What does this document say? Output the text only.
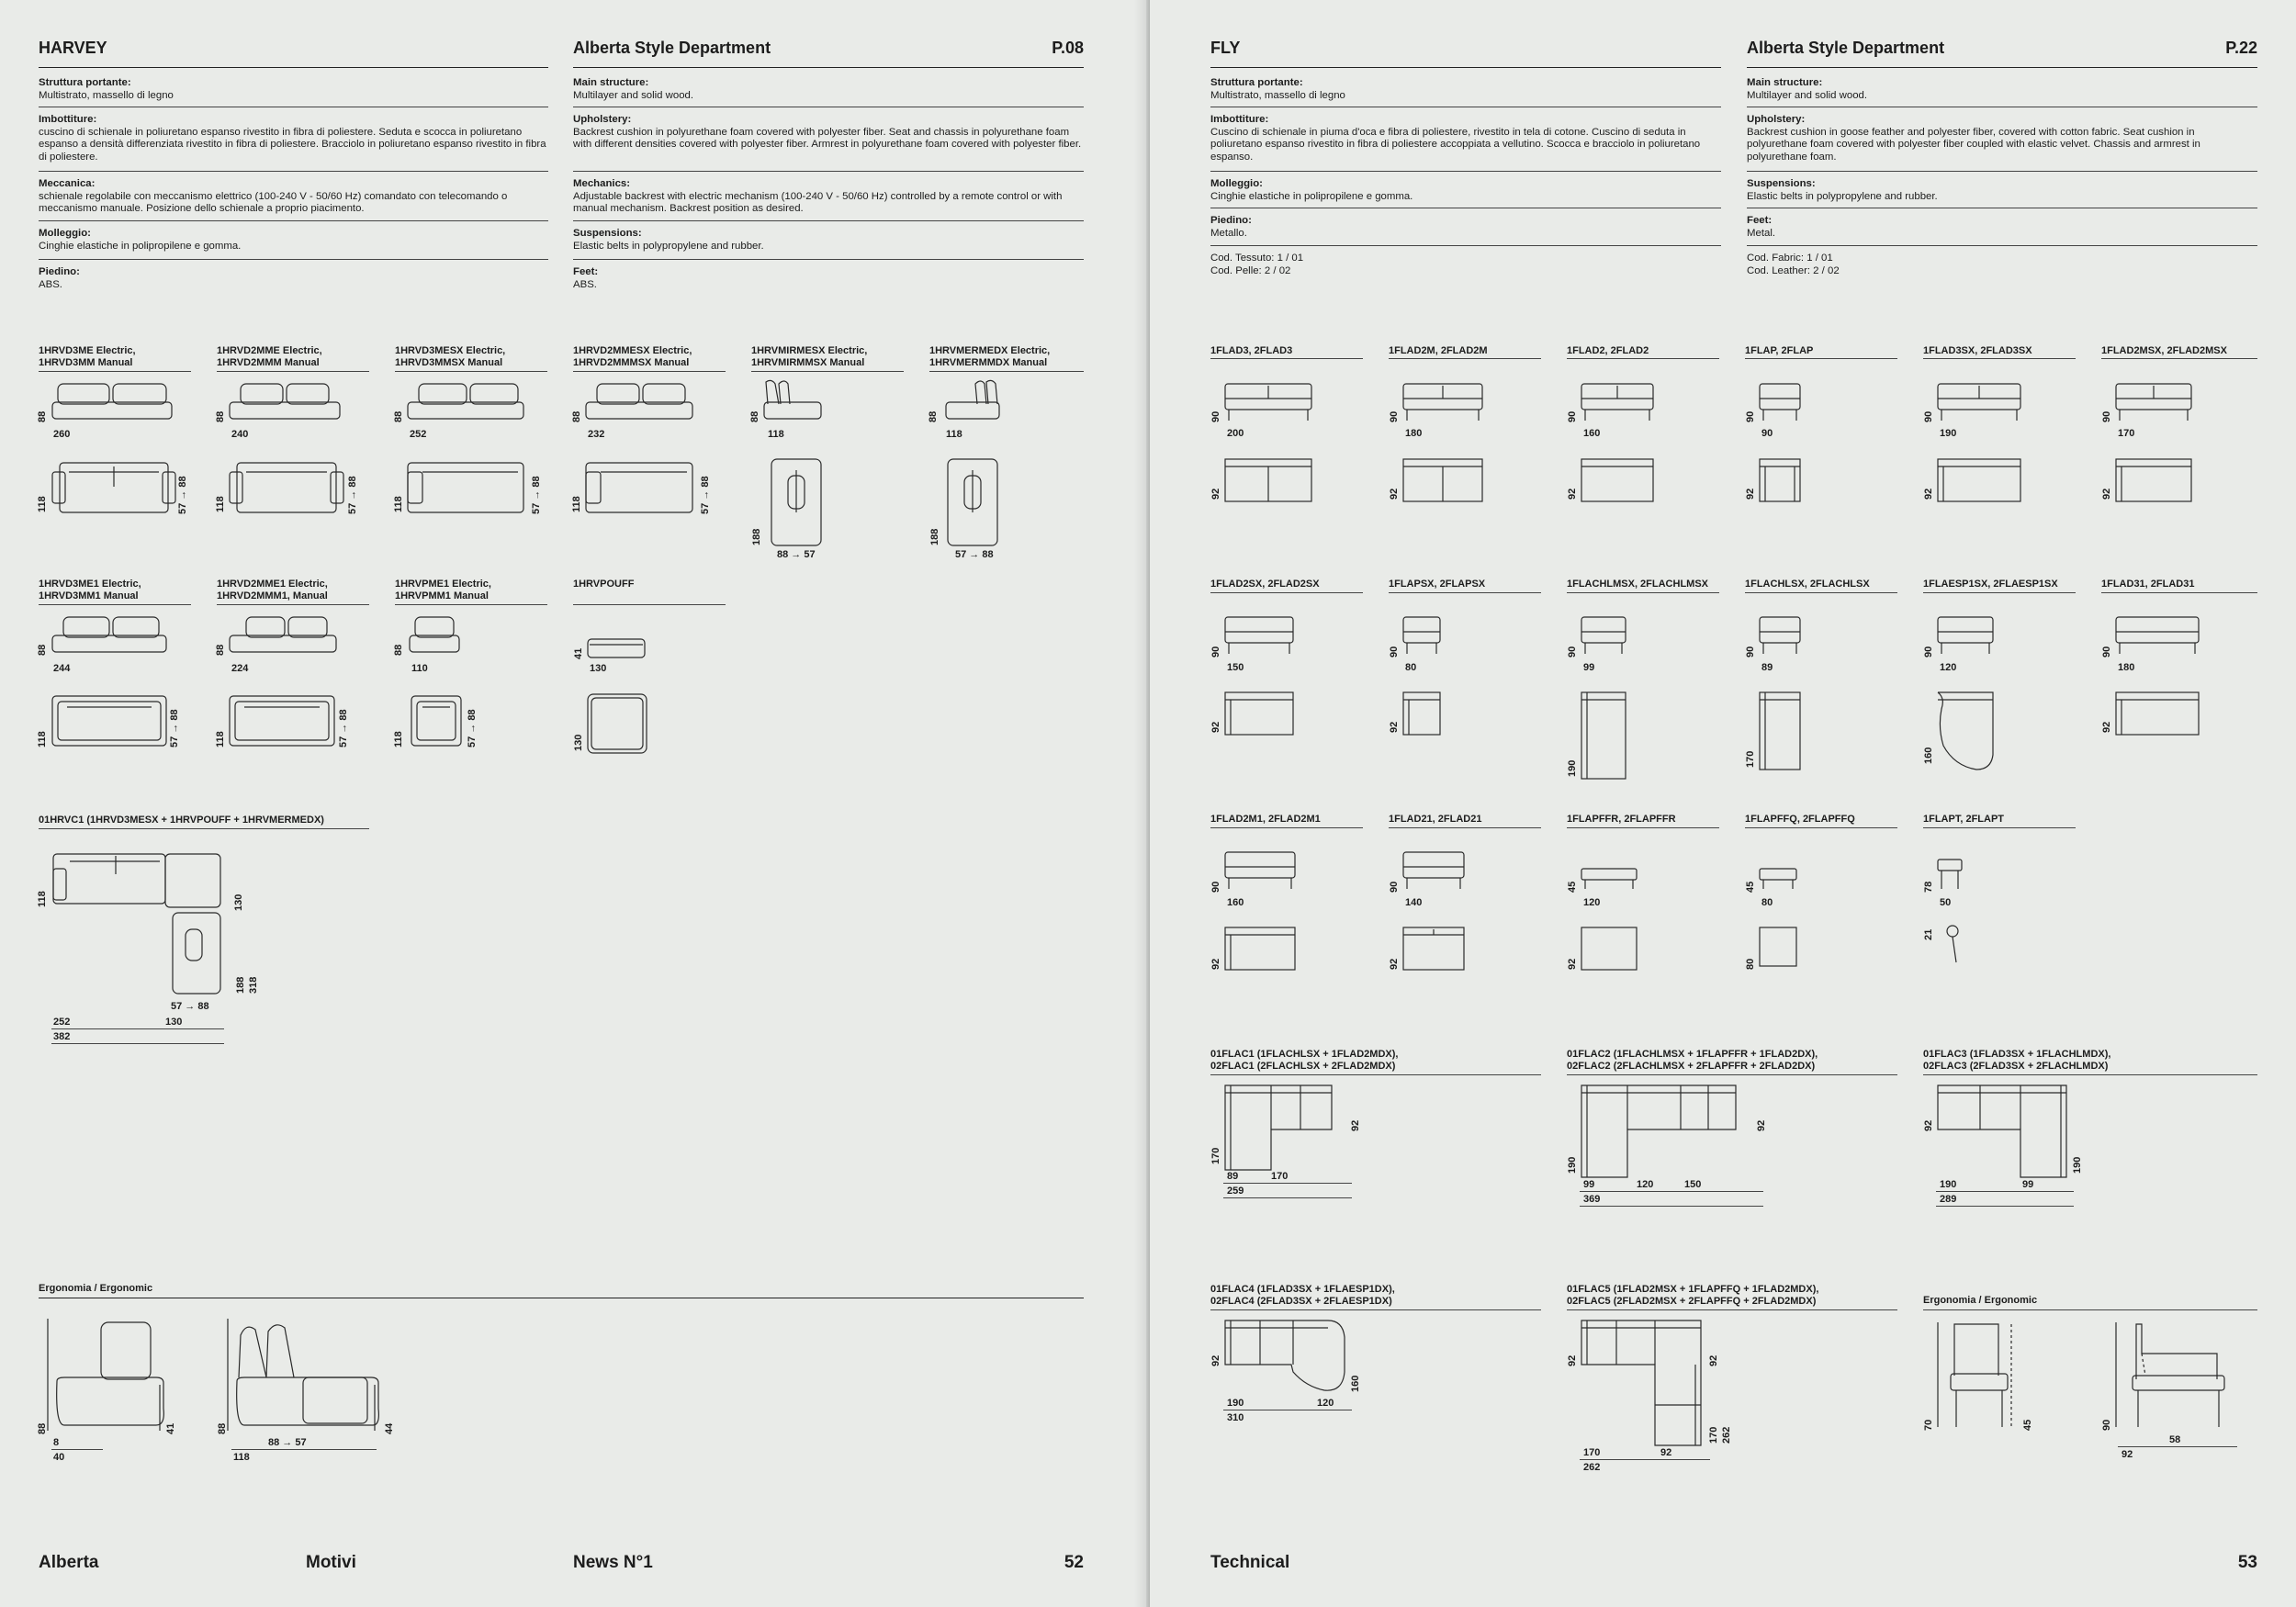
HARVEY	Alberta Style Department	P.08
Struttura portante:
Multistrato, massello di legno
Imbottiture:
cuscino di schienale in poliuretano espanso rivestito in fibra di poliestere. Seduta e scocca in poliuretano espanso a densità differenziata rivestito in fibra di poliestere. Bracciolo in poliuretano espanso rivestito in fibra di poliestere.
Meccanica:
schienale regolabile con meccanismo elettrico (100-240 V - 50/60 Hz) comandato con telecomando o meccanismo manuale. Posizione dello schienale a proprio piacimento.
Molleggio:
Cinghie elastiche in polipropilene e gomma.
Piedino:
ABS.
Main structure:
Multilayer and solid wood.
Upholstery:
Backrest cushion in polyurethane foam covered with polyester fiber. Seat and chassis in polyurethane foam with different densities covered with polyester fiber. Armrest in polyurethane foam covered with polyester fiber.
Mechanics:
Adjustable backrest with electric mechanism (100-240 V - 50/60 Hz) controlled by a remote control or with manual mechanism. Backrest position as desired.
Suspensions:
Elastic belts in polypropylene and rubber.
Feet:
ABS.
1HRVD3ME Electric,
1HRVD3MM Manual
88
260
118	57 → 88
1HRVD2MME Electric,
1HRVD2MMM Manual
88
240
118	57 → 88
1HRVD3MESX Electric,
1HRVD3MMSX Manual
88
252
118	57 → 88
1HRVD2MMESX Electric,
1HRVD2MMMSX Manual
88
232
118	57 → 88
1HRVMIRMESX Electric,
1HRVMIRMMSX Manual
88
118
188
88 → 57
1HRVMERMEDX Electric,
1HRVMERMMDX Manual
88
118
188
57 → 88
1HRVD3ME1 Electric,
1HRVD3MM1 Manual
88
244
118	57 → 88
1HRVD2MME1 Electric,
1HRVD2MMM1, Manual
88
224
118	57 → 88
1HRVPME1 Electric,
1HRVPMM1 Manual
88
110
118	57 → 88
1HRVPOUFF
41
130
130
01HRVC1 (1HRVD3MESX + 1HRVPOUFF + 1HRVMERMEDX)
118	130
188 318
57 → 88
252	130
382
Ergonomia / Ergonomic
88	41
8
40
88	44
88 → 57
118
Alberta	Motivi	News N°1	52
FLY	Alberta Style Department	P.22
Struttura portante:
Multistrato, massello di legno
Imbottiture:
Cuscino di schienale in piuma d'oca e fibra di poliestere, rivestito in tela di cotone. Cuscino di seduta in poliuretano espanso rivestito in fibra di poliestere accoppiata a vellutino. Scocca e bracciolo in poliuretano espanso.
Molleggio:
Cinghie elastiche in polipropilene e gomma.
Piedino:
Metallo.
Cod. Tessuto: 1 / 01
Cod. Pelle: 2 / 02
Main structure:
Multilayer and solid wood.
Upholstery:
Backrest cushion in goose feather and polyester fiber, covered with cotton fabric. Seat cushion in polyurethane foam covered with polyester fiber coupled with elastic velvet. Chassis and armrest in polyurethane foam.
Suspensions:
Elastic belts in polypropylene and rubber.
Feet:
Metal.
Cod. Fabric: 1 / 01
Cod. Leather: 2 / 02
1FLAD3, 2FLAD3	1FLAD2M, 2FLAD2M	1FLAD2, 2FLAD2	1FLAP, 2FLAP	1FLAD3SX, 2FLAD3SX	1FLAD2MSX, 2FLAD2MSX
90	90	90	90	90	90
200	180	160	90	190	170
92	92	92	92	92	92
1FLAD2SX, 2FLAD2SX	1FLAPSX, 2FLAPSX	1FLACHLMSX, 2FLACHLMSX	1FLACHLSX, 2FLACHLSX	1FLAESP1SX, 2FLAESP1SX	1FLAD31, 2FLAD31
90	90	90	90	90	90
150	80	99	89	120	180
92	92
190
170	160
92
1FLAD2M1, 2FLAD2M1	1FLAD21, 2FLAD21	1FLAPFFR, 2FLAPFFR	1FLAPFFQ, 2FLAPFFQ	1FLAPT, 2FLAPT
90	90	45	45	78
160	140	120	80	50
92	92	92	80
21
01FLAC1 (1FLACHLSX + 1FLAD2MDX),
02FLAC1 (2FLACHLSX + 2FLAD2MDX)
01FLAC2 (1FLACHLMSX + 1FLAPFFR + 1FLAD2DX),
02FLAC2 (2FLACHLMSX + 2FLAPFFR + 2FLAD2DX)
01FLAC3 (1FLAD3SX + 1FLACHLMDX),
02FLAC3 (2FLAD3SX + 2FLACHLMDX)
170
92
89	170
259
190
92
99	120	150
369
92
190
190	99
289
01FLAC4 (1FLAD3SX + 1FLAESP1DX),
02FLAC4 (2FLAD3SX + 2FLAESP1DX)
01FLAC5 (1FLAD2MSX + 1FLAPFFQ + 1FLAD2MDX),
02FLAC5 (2FLAD2MSX + 2FLAPFFQ + 2FLAD2MDX)	Ergonomia / Ergonomic
92
160
190	120
310
92	92
170 262
170	92
262
70	45	90
58
92
Technical	53
